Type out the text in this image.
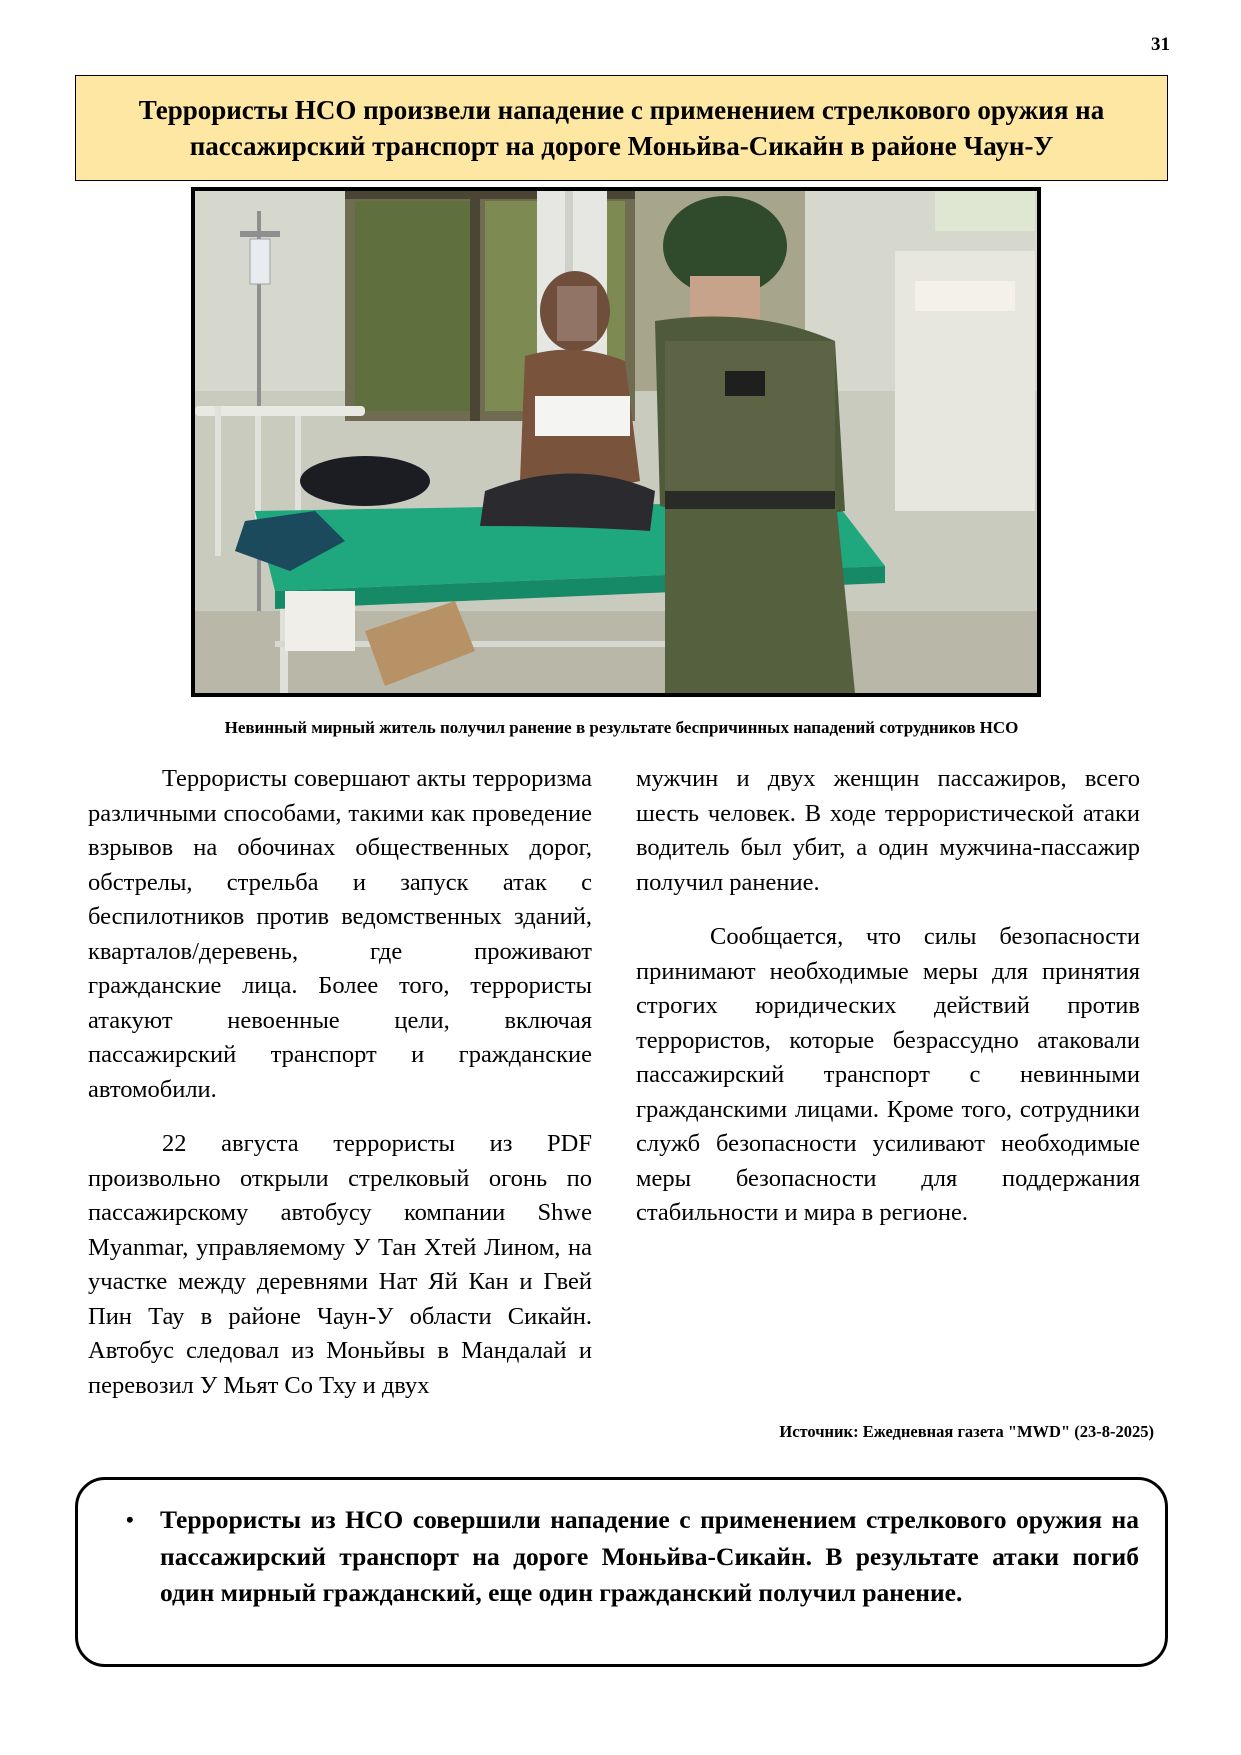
31
Террористы НСО произвели нападение с применением стрелкового оружия на пассажирский транспорт на дороге Моньйва-Сикайн в районе Чаун-У
Невинный мирный житель получил ранение в результате беспричинных нападений сотрудников НСО

Террористы совершают акты терроризма различными способами, такими как проведение взрывов на обочинах общественных дорог, обстрелы, стрельба и запуск атак с беспилотников против ведомственных зданий, кварталов/деревень, где проживают гражданские лица. Более того, террористы атакуют невоенные цели, включая пассажирский транспорт и гражданские автомобили.

22 августа террористы из PDF произвольно открыли стрелковый огонь по пассажирскому автобусу компании Shwe Myanmar, управляемому У Тан Хтей Лином, на участке между деревнями Нат Яй Кан и Гвей Пин Тау в районе Чаун-У области Сикайн. Автобус следовал из Моньйвы в Мандалай и перевозил У Мьят Со Тху и двух

мужчин и двух женщин пассажиров, всего шесть человек. В ходе террористической атаки водитель был убит, а один мужчина-пассажир получил ранение.

Сообщается, что силы безопасности принимают необходимые меры для принятия строгих юридических действий против террористов, которые безрассудно атаковали пассажирский транспорт с невинными гражданскими лицами. Кроме того, сотрудники служб безопасности усиливают необходимые меры безопасности для поддержания стабильности и мира в регионе.

Источник: Ежедневная газета "MWD" (23-8-2025)
• Террористы из НСО совершили нападение с применением стрелкового оружия на пассажирский транспорт на дороге Моньйва-Сикайн. В результате атаки погиб один мирный гражданский, еще один гражданский получил ранение.
